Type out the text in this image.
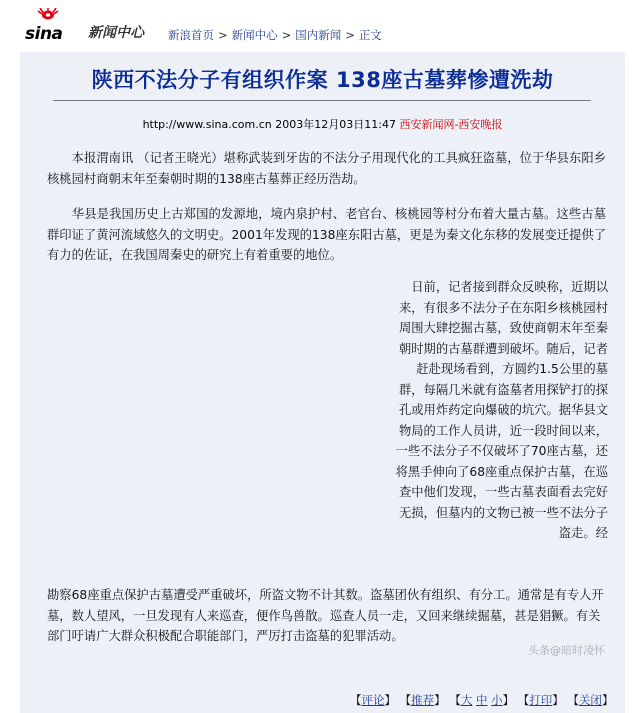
sina 新闻中心 新浪首页 > 新闻中心 > 国内新闻 > 正文
陕西不法分子有组织作案 138座古墓葬惨遭洗劫
http://www.sina.com.cn 2003年12月03日11:47 西安新闻网-西安晚报

　　本报渭南讯 （记者王晓光）堪称武装到牙齿的不法分子用现代化的工具疯狂盗墓，位于华县东阳乡核桃园村商朝末年至秦朝时期的138座古墓葬正经历浩劫。

　　华县是我国历史上古郑国的发源地，境内泉护村、老官台、核桃园等村分布着大量古墓。这些古墓群印证了黄河流域悠久的文明史。2001年发现的138座东阳古墓，更是为秦文化东移的发展变迁提供了有力的佐证，在我国周秦史的研究上有着重要的地位。

日前，记者接到群众反映称，近期以来，有很多不法分子在东阳乡核桃园村周围大肆挖掘古墓，致使商朝末年至秦朝时期的古墓群遭到破坏。随后，记者赶赴现场看到，方圆约1.5公里的墓群，每隔几米就有盗墓者用探铲打的探孔或用炸药定向爆破的坑穴。据华县文物局的工作人员讲，近一段时间以来，一些不法分子不仅破坏了70座古墓，还将黑手伸向了68座重点保护古墓，在巡查中他们发现，一些古墓表面看去完好无损，但墓内的文物已被一些不法分子盗走。经

勘察68座重点保护古墓遭受严重破坏，所盗文物不计其数。盗墓团伙有组织、有分工。通常是有专人开墓，数人望风，一旦发现有人来巡查，便作鸟兽散。巡查人员一走，又回来继续掘墓，甚是猖獗。有关部门吁请广大群众积极配合职能部门，严厉打击盗墓的犯罪活动。

【评论】 【推荐】 【大 中 小】 【打印】 【关闭】
头条@暗时凌怀
